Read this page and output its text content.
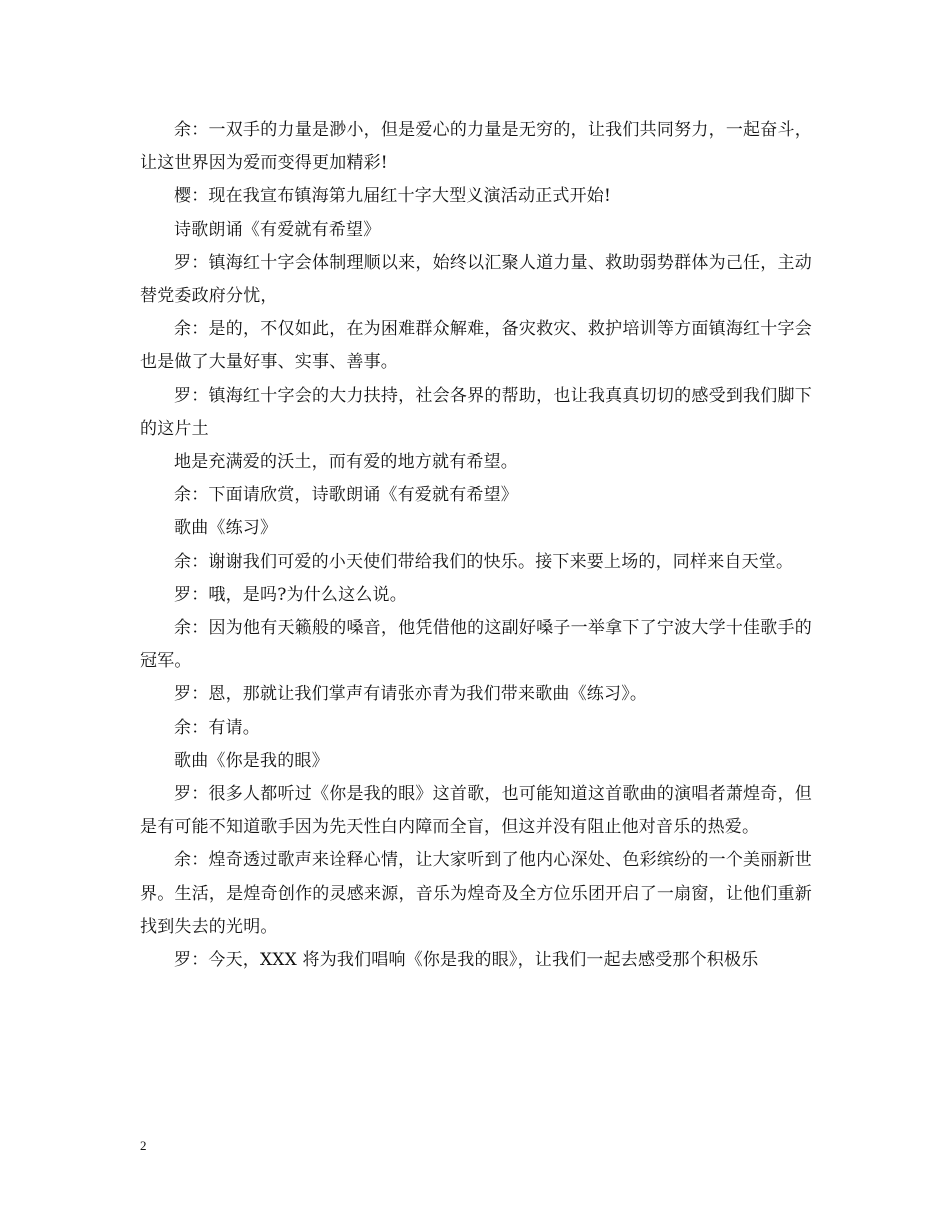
余：一双手的力量是渺小，但是爱心的力量是无穷的，让我们共同努力，一起奋斗，让这世界因为爱而变得更加精彩!

樱：现在我宣布镇海第九届红十字大型义演活动正式开始!

诗歌朗诵《有爱就有希望》

罗：镇海红十字会体制理顺以来，始终以汇聚人道力量、救助弱势群体为己任，主动替党委政府分忧，

余：是的，不仅如此，在为困难群众解难，备灾救灾、救护培训等方面镇海红十字会也是做了大量好事、实事、善事。

罗：镇海红十字会的大力扶持，社会各界的帮助，也让我真真切切的感受到我们脚下的这片土

地是充满爱的沃土，而有爱的地方就有希望。

余：下面请欣赏，诗歌朗诵《有爱就有希望》

歌曲《练习》

余：谢谢我们可爱的小天使们带给我们的快乐。接下来要上场的，同样来自天堂。

罗：哦，是吗?为什么这么说。

余：因为他有天籁般的嗓音，他凭借他的这副好嗓子一举拿下了宁波大学十佳歌手的冠军。

罗：恩，那就让我们掌声有请张亦青为我们带来歌曲《练习》。

余：有请。

歌曲《你是我的眼》

罗：很多人都听过《你是我的眼》这首歌，也可能知道这首歌曲的演唱者萧煌奇，但是有可能不知道歌手因为先天性白内障而全盲，但这并没有阻止他对音乐的热爱。

余：煌奇透过歌声来诠释心情，让大家听到了他内心深处、色彩缤纷的一个美丽新世界。生活，是煌奇创作的灵感来源，音乐为煌奇及全方位乐团开启了一扇窗，让他们重新找到失去的光明。

罗：今天，XXX 将为我们唱响《你是我的眼》，让我们一起去感受那个积极乐

2
